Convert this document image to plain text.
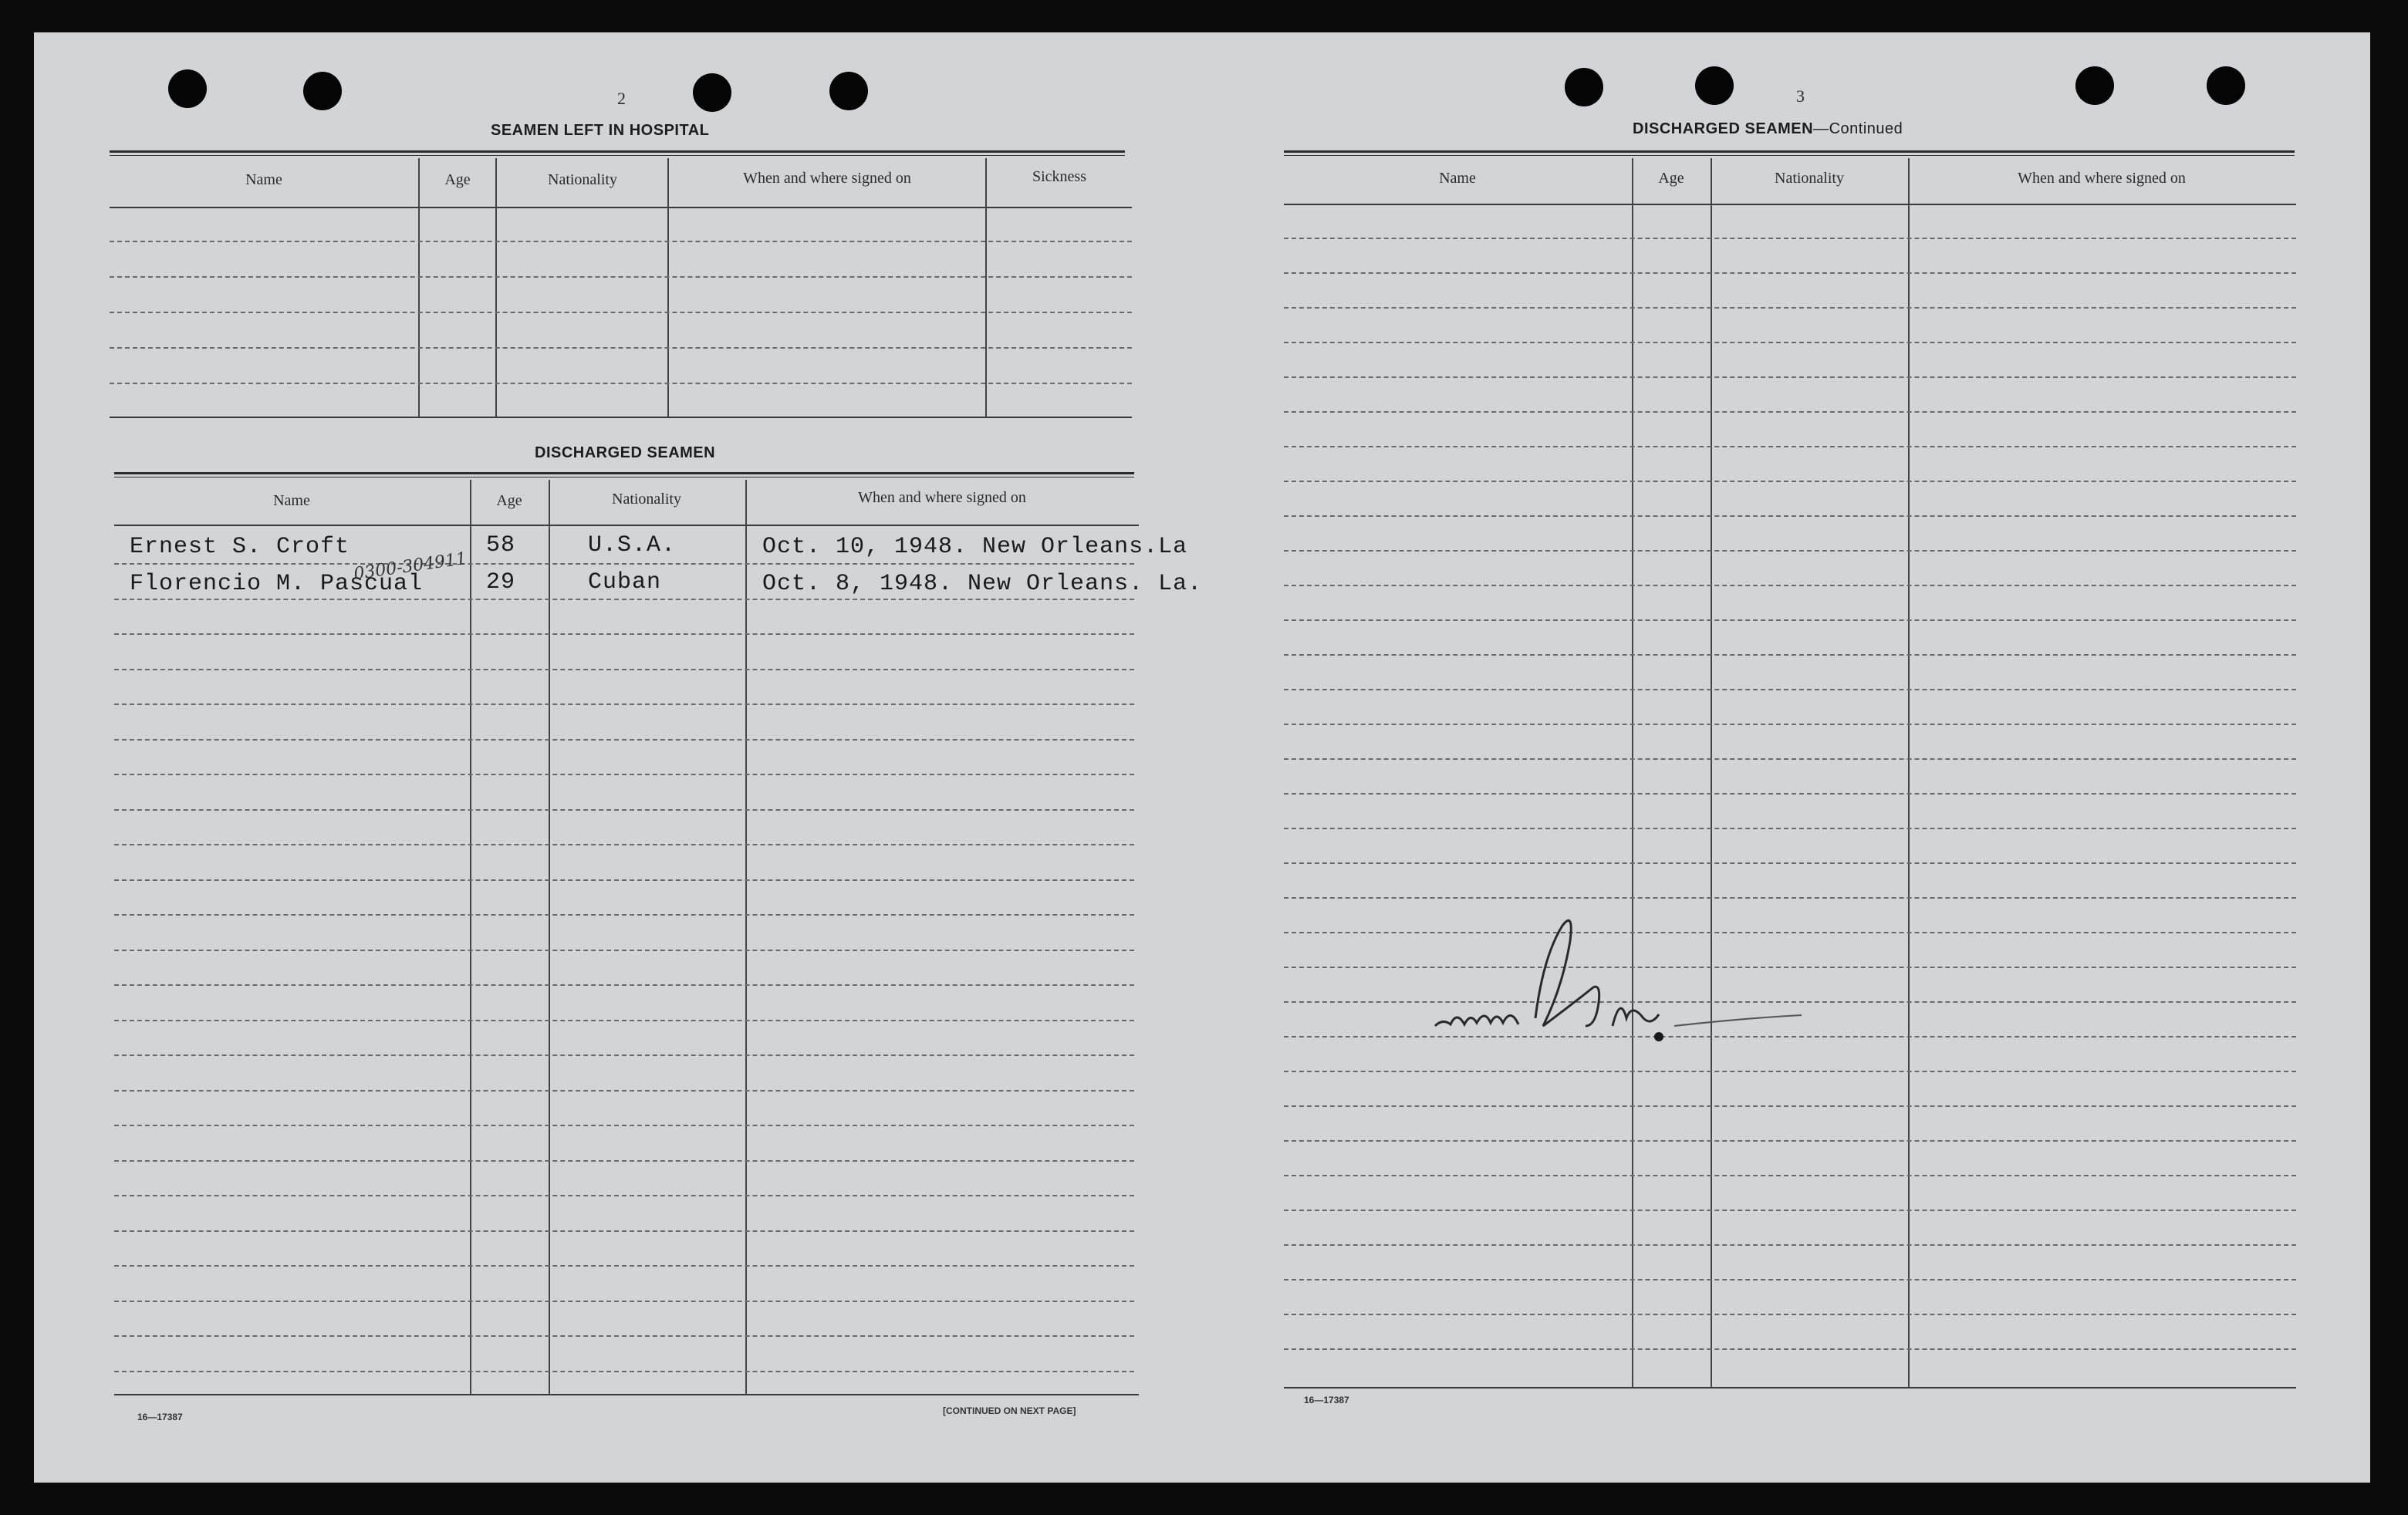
2
SEAMEN LEFT IN HOSPITAL
Name	Age	Nationality	When and where signed on	Sickness
DISCHARGED SEAMEN
Name	Age	Nationality	When and where signed on
Ernest S. Croft	58	U.S.A.	Oct. 10, 1948. New Orleans.La
Florencio M. Pascual	29	Cuban	Oct. 8, 1948. New Orleans. La.
0300-304911
16—17387
[CONTINUED ON NEXT PAGE]
3
DISCHARGED SEAMEN—Continued
Name	Age	Nationality	When and where signed on
16—17387
